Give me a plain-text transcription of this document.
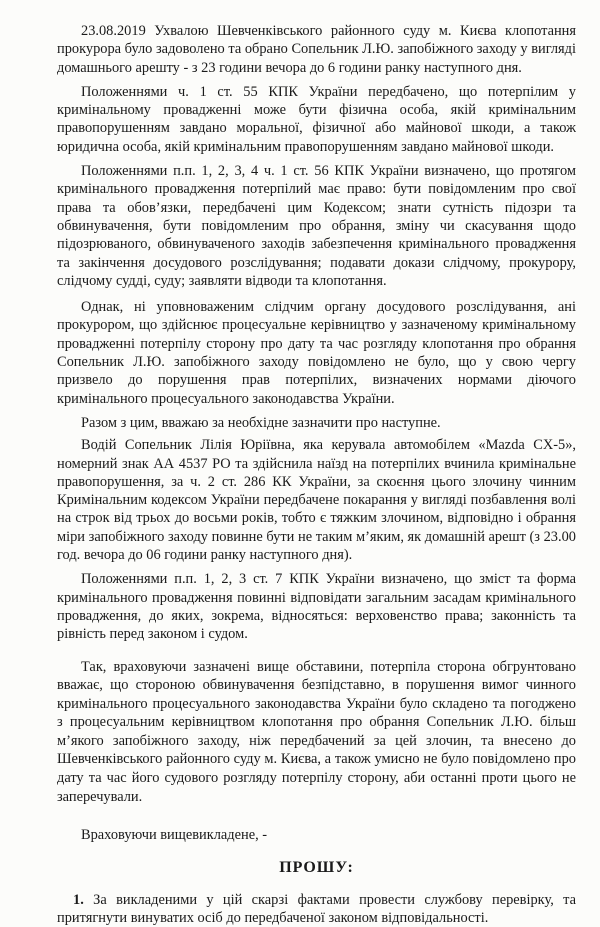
23.08.2019 Ухвалою Шевченківського районного суду м. Києва клопотання прокурора було задоволено та обрано Сопельник Л.Ю. запобіжного заходу у вигляді домашнього арешту - з 23 години вечора до 6 години ранку наступного дня.

Положеннями ч. 1 ст. 55 КПК України передбачено, що потерпілим у кримінальному провадженні може бути фізична особа, якій кримінальним правопорушенням завдано моральної, фізичної або майнової шкоди, а також юридична особа, якій кримінальним правопорушенням завдано майнової шкоди.

Положеннями п.п. 1, 2, 3, 4 ч. 1 ст. 56 КПК України визначено, що протягом кримінального провадження потерпілий має право: бути повідомленим про свої права та обов’язки, передбачені цим Кодексом; знати сутність підозри та обвинувачення, бути повідомленим про обрання, зміну чи скасування щодо підозрюваного, обвинуваченого заходів забезпечення кримінального провадження та закінчення досудового розслідування; подавати докази слідчому, прокурору, слідчому судді, суду; заявляти відводи та клопотання.

Однак, ні уповноваженим слідчим органу досудового розслідування, ані прокурором, що здійснює процесуальне керівництво у зазначеному кримінальному провадженні потерпілу сторону про дату та час розгляду клопотання про обрання Сопельник Л.Ю. запобіжного заходу повідомлено не було, що у свою чергу призвело до порушення прав потерпілих, визначених нормами діючого кримінального процесуального законодавства України.

Разом з цим, вважаю за необхідне зазначити про наступне.

Водій Сопельник Лілія Юріївна, яка керувала автомобілем «Mazda CX-5», номерний знак АА 4537 РО та здійснила наїзд на потерпілих вчинила кримінальне правопорушення, за ч. 2 ст. 286 КК України, за скоєння цього злочину чинним Кримінальним кодексом України передбачене покарання у вигляді позбавлення волі на строк від трьох до восьми років, тобто є тяжким злочином, відповідно і обрання міри запобіжного заходу повинне бути не таким м’яким, як домашній арешт (з 23.00 год. вечора до 06 години ранку наступного дня).

Положеннями п.п. 1, 2, 3 ст. 7 КПК України визначено, що зміст та форма кримінального провадження повинні відповідати загальним засадам кримінального провадження, до яких, зокрема, відносяться: верховенство права; законність та рівність перед законом і судом.

Так, враховуючи зазначені вище обставини, потерпіла сторона обгрунтовано вважає, що стороною обвинувачення безпідставно, в порушення вимог чинного кримінального процесуального законодавства України було складено та погоджено з процесуальним керівництвом клопотання про обрання Сопельник Л.Ю. більш м’якого запобіжного заходу, ніж передбачений за цей злочин, та внесено до Шевченківського районного суду м. Києва, а також умисно не було повідомлено про дату та час його судового розгляду потерпілу сторону, аби останні проти цього не заперечували.

Враховуючи вищевикладене, -

ПРОШУ:

1. За викладеними у цій скарзі фактами провести службову перевірку, та притягнути винуватих осіб до передбаченої законом відповідальності.
